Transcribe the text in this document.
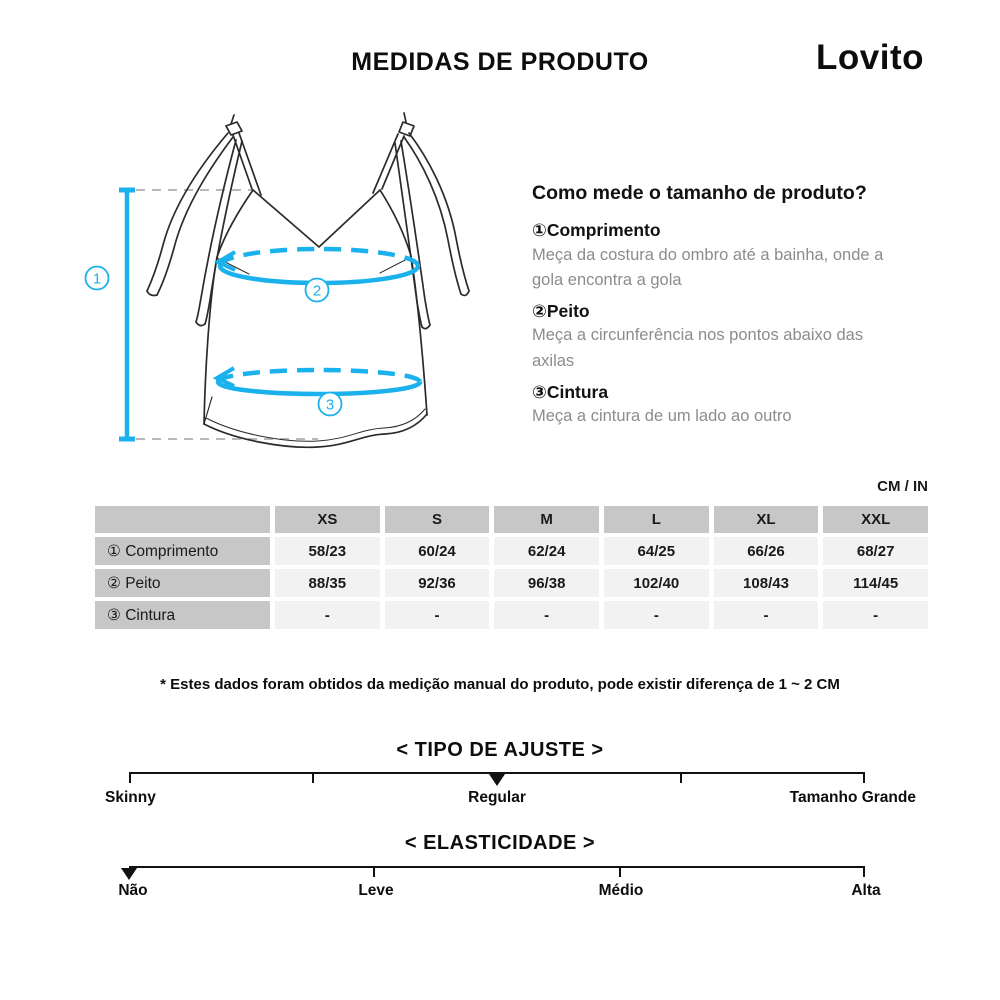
MEDIDAS DE PRODUTO	Lovito
1
2
3
Como mede o tamanho de produto?
①Comprimento
Meça da costura do ombro até a bainha, onde a gola encontra a gola
②Peito
Meça a circunferência nos pontos abaixo das axilas
③Cintura
Meça a cintura de um lado ao outro
CM / IN
XS	S	M	L	XL	XXL
① Comprimento	58/23	60/24	62/24	64/25	66/26	68/27
② Peito	88/35	92/36	96/38	102/40	108/43	114/45
③ Cintura	-	-	-	-	-	-
* Estes dados foram obtidos da medição manual do produto, pode existir diferença de 1 ~ 2 CM
< TIPO DE AJUSTE >
Skinny	Regular	Tamanho Grande
< ELASTICIDADE >
Não	Leve	Médio	Alta
